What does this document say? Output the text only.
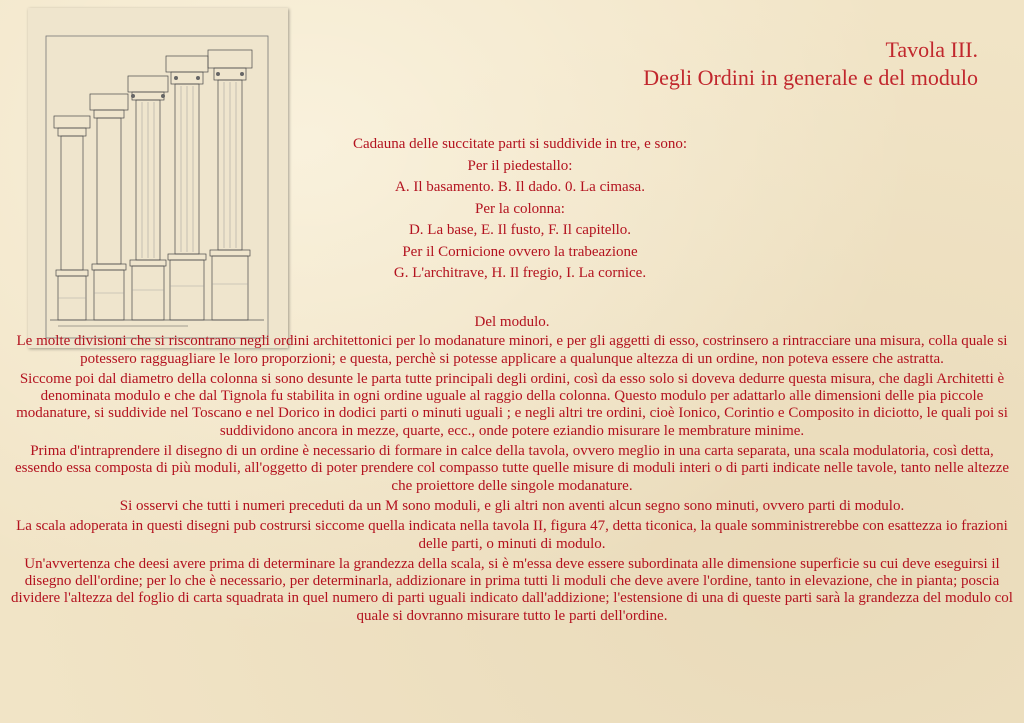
Tavola III.
Degli Ordini in generale e del modulo
Cadauna delle succitate parti si suddivide in tre, e sono:
Per il piedestallo:
A. Il basamento. B. Il dado. 0. La cimasa.
Per la colonna:
D. La base, E. Il fusto, F. Il capitello.
Per il Cornicione ovvero la trabeazione
G. L'architrave, H. Il fregio, I. La cornice.
Del modulo.

Le molte divisioni che si riscontrano negli ordini architettonici per lo modanature minori, e per gli aggetti di esso, costrinsero a rintracciare una misura, colla quale si potessero ragguagliare le loro proporzioni; e questa, perchè si potesse applicare a qualunque altezza di un ordine, non poteva essere che astratta.

Siccome poi dal diametro della colonna si sono desunte le parta tutte principali degli ordini, così da esso solo si doveva dedurre questa misura, che dagli Architetti è denominata modulo e che dal Tignola fu stabilita in ogni ordine uguale al raggio della colonna. Questo modulo per adattarlo alle dimensioni delle pia piccole modanature, si suddivide nel Toscano e nel Dorico in dodici parti o minuti uguali ; e negli altri tre ordini, cioè Ionico, Corintio e Composito in diciotto, le quali poi si suddividono ancora in mezze, quarte, ecc., onde potere eziandio misurare le membrature minime.

Prima d'intraprendere il disegno di un ordine è necessario di formare in calce della tavola, ovvero meglio in una carta separata, una scala modulatoria, così detta, essendo essa composta di più moduli, all'oggetto di poter prendere col compasso tutte quelle misure di moduli interi o di parti indicate nelle tavole, tanto nelle altezze che proiettore delle singole modanature.

Si osservi che tutti i numeri preceduti da un M sono moduli, e gli altri non aventi alcun segno sono minuti, ovvero parti di modulo.

La scala adoperata in questi disegni pub costrursi siccome quella indicata nella tavola II, figura 47, detta ticonica, la quale somministrerebbe con esattezza io frazioni delle parti, o minuti di modulo.

Un'avvertenza che deesi avere prima di determinare la grandezza della scala, si è m'essa deve essere subordinata alle dimensione superficie su cui deve eseguirsi il disegno dell'ordine; per lo che è necessario, per determinarla, addizionare in prima tutti li moduli che deve avere l'ordine, tanto in elevazione, che in pianta; poscia dividere l'altezza del foglio di carta squadrata in quel numero di parti uguali indicato dall'addizione; l'estensione di una di queste parti sarà la grandezza del modulo col quale si dovranno misurare tutto le parti dell'ordine.
